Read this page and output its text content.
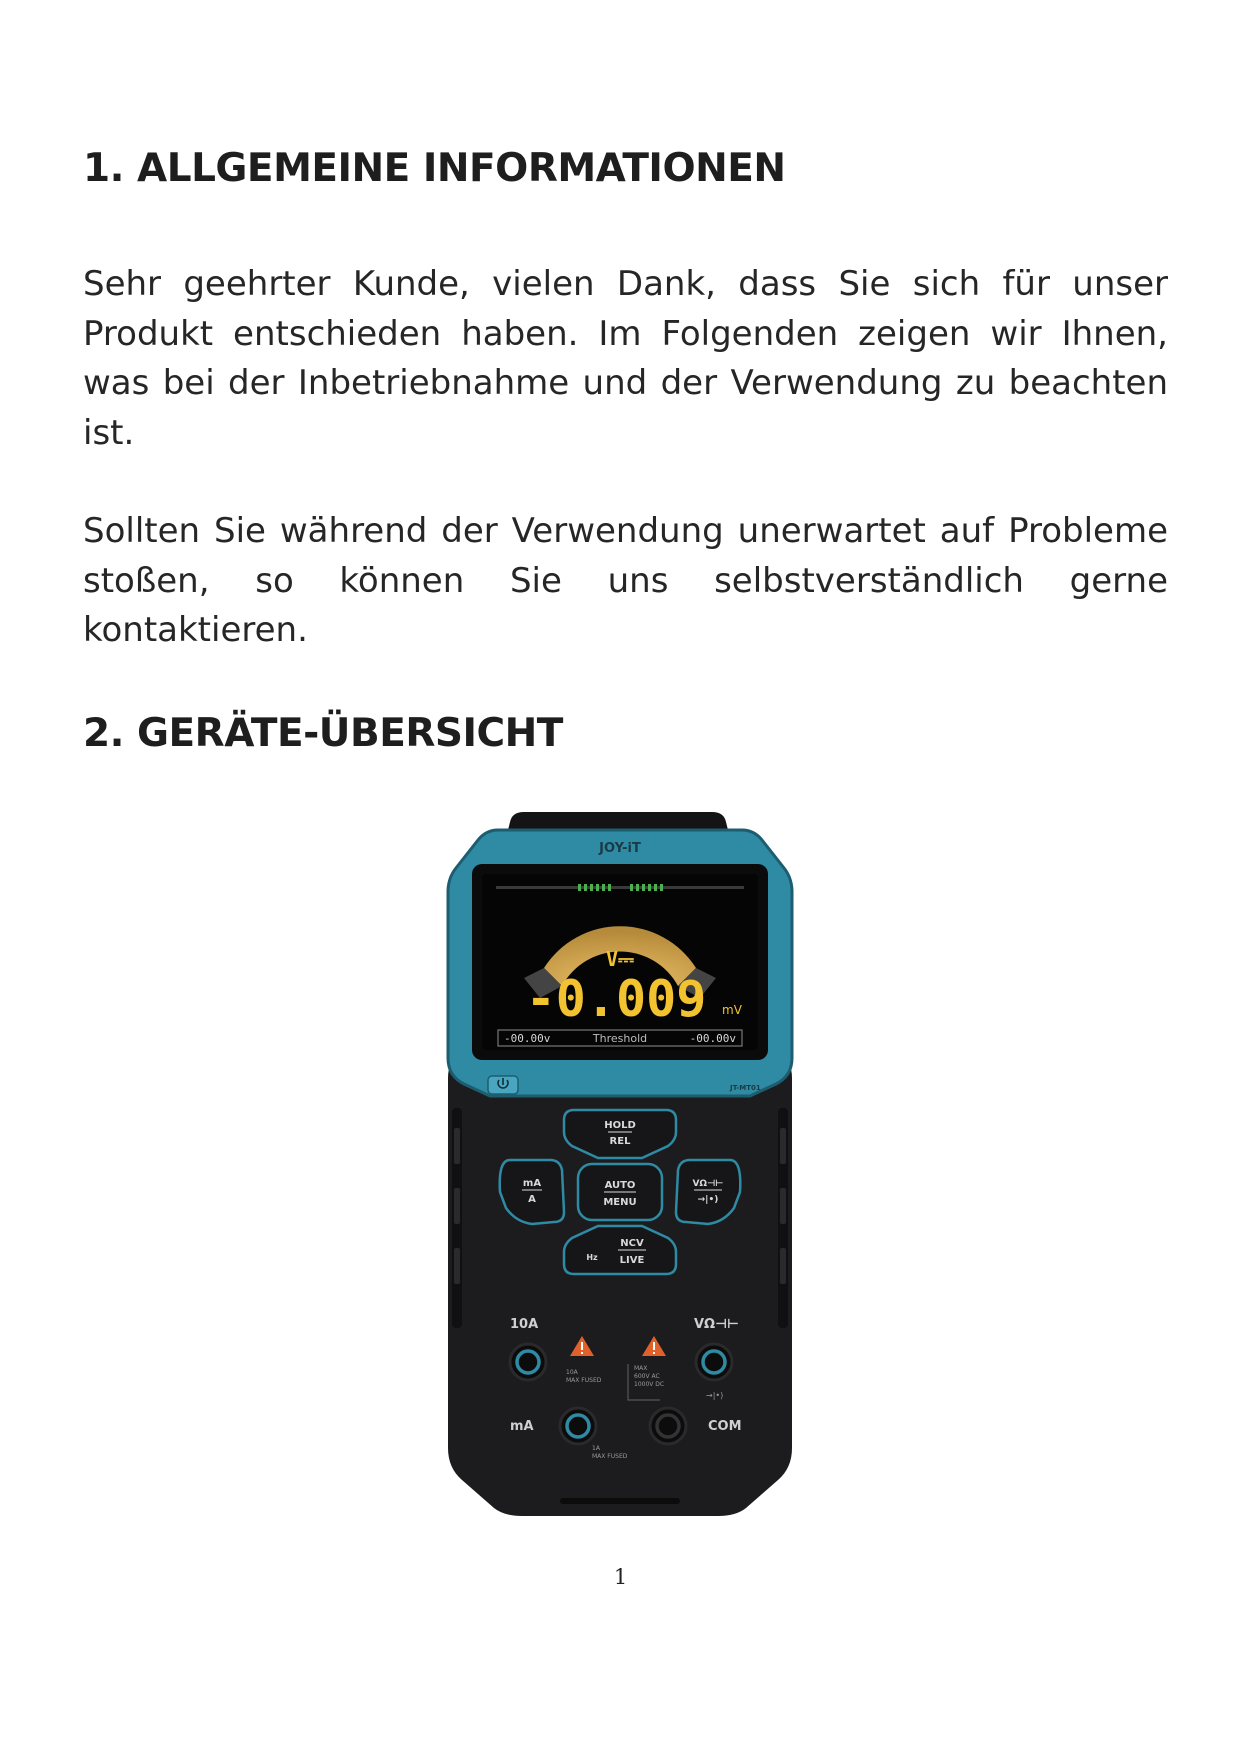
1. ALLGEMEINE INFORMATIONEN

Sehr geehrter Kunde, vielen Dank, dass Sie sich für unser Produkt entschieden haben. Im Folgenden zeigen wir Ihnen, was bei der Inbetriebnahme und der Verwendung zu beachten ist.

Sollten Sie während der Verwendung unerwartet auf Probleme stoßen, so können Sie uns selbstverständlich gerne kontaktieren.

2. GERÄTE-ÜBERSICHT
JOY-iT
V⎓
-0.009 mV
-00.00v	Threshold	-00.00v
JT-MT01
HOLD
REL
mA
A
AUTO
MENU
VΩ⊣⊢
→|•)
Hz
NCV
LIVE
10A	VΩ⊣⊢
mA	COM
10A
MAX FUSED
MAX
600V AC
1000V DC
1A
MAX FUSED
→|•)
1
